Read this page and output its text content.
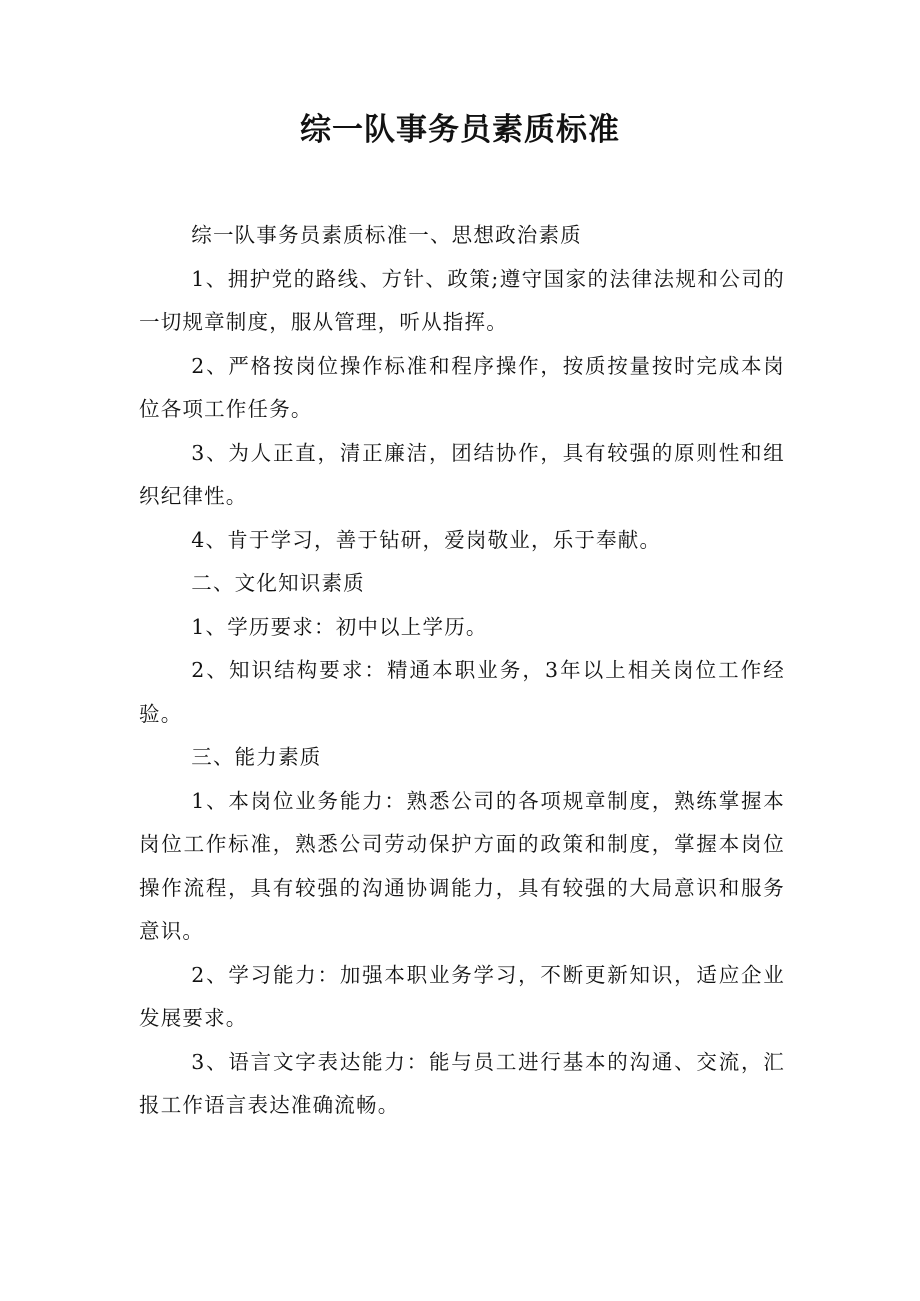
综一队事务员素质标准

综一队事务员素质标准一、思想政治素质

1、拥护党的路线、方针、政策;遵守国家的法律法规和公司的一切规章制度，服从管理，听从指挥。

2、严格按岗位操作标准和程序操作，按质按量按时完成本岗位各项工作任务。

3、为人正直，清正廉洁，团结协作，具有较强的原则性和组织纪律性。

4、肯于学习，善于钻研，爱岗敬业，乐于奉献。

二、文化知识素质

1、学历要求：初中以上学历。

2、知识结构要求：精通本职业务，3年以上相关岗位工作经验。

三、能力素质

1、本岗位业务能力：熟悉公司的各项规章制度，熟练掌握本岗位工作标准，熟悉公司劳动保护方面的政策和制度，掌握本岗位操作流程，具有较强的沟通协调能力，具有较强的大局意识和服务意识。

2、学习能力：加强本职业务学习，不断更新知识，适应企业发展要求。

3、语言文字表达能力：能与员工进行基本的沟通、交流，汇报工作语言表达准确流畅。
